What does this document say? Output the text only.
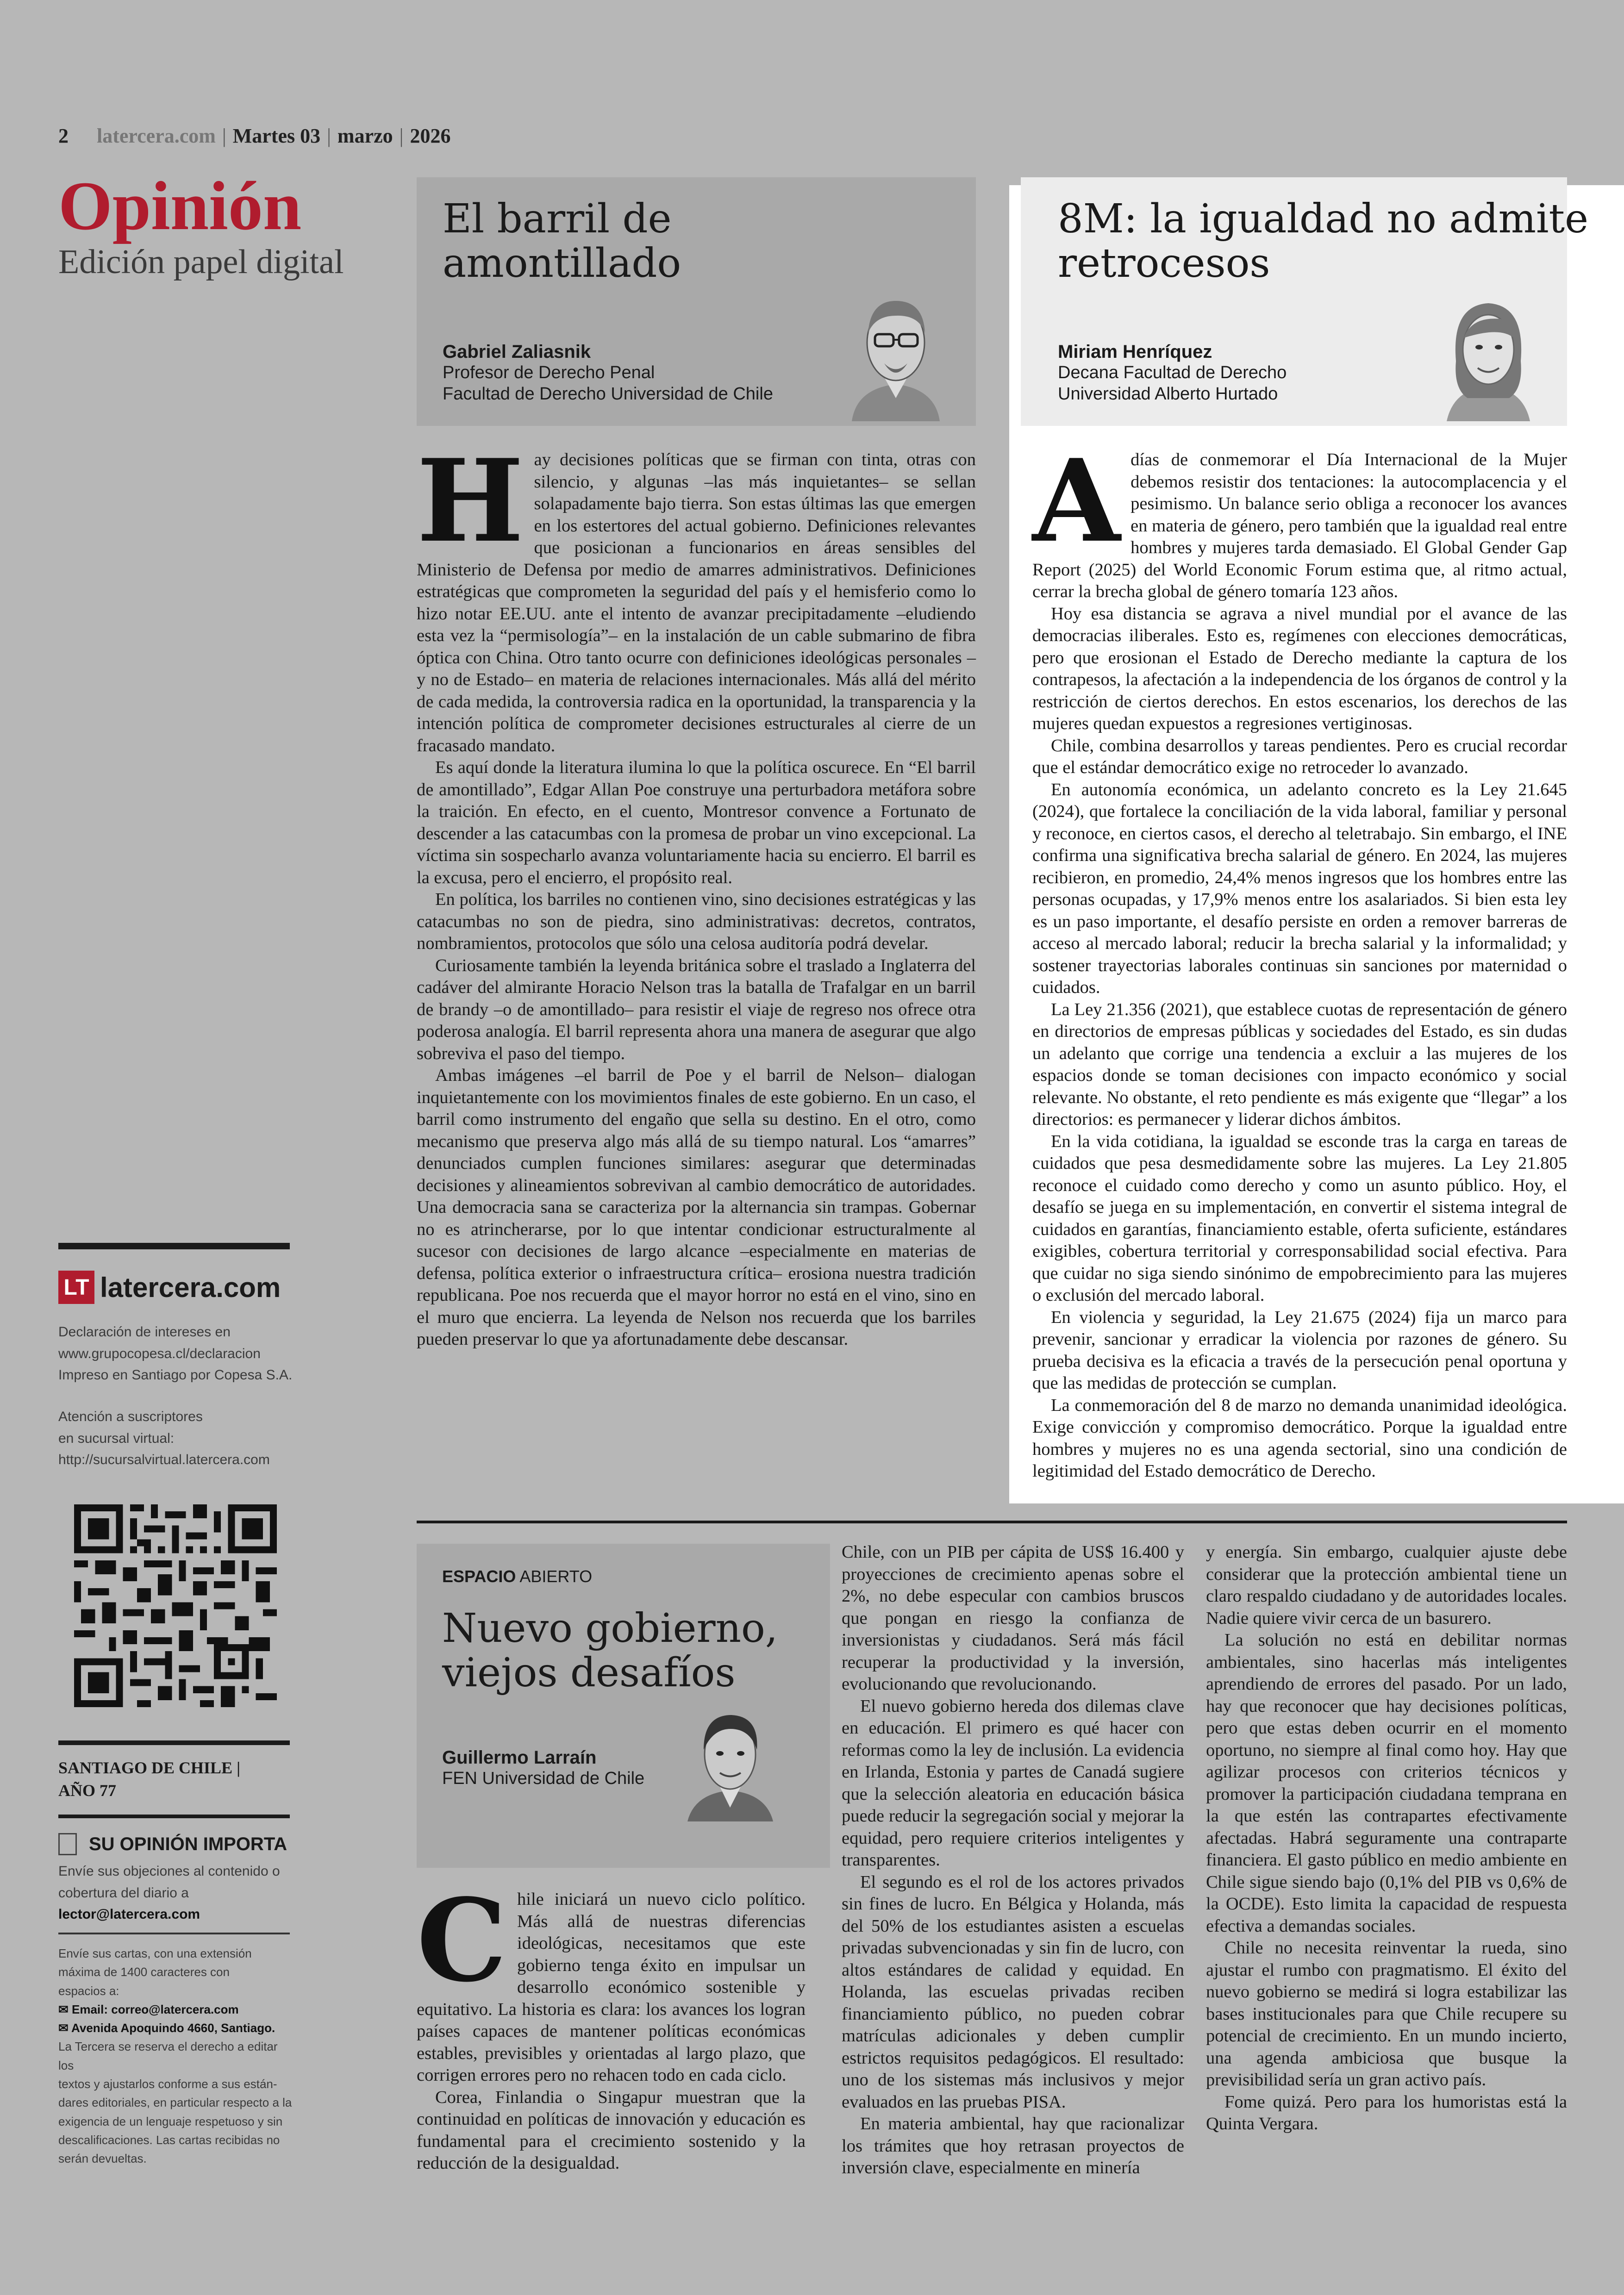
2 latercera.com | Martes 03 | marzo | 2026
Opinión
Edición papel digital
LT latercera.com
Declaración de intereses en
www.grupocopesa.cl/declaracion
Impreso en Santiago por Copesa S.A.
Atención a suscriptores
en sucursal virtual:
http://sucursalvirtual.latercera.com
SANTIAGO DE CHILE |
AÑO 77
SU OPINIÓN IMPORTA
Envíe sus objeciones al contenido o
cobertura del diario a
lector@latercera.com
Envíe sus cartas, con una extensión
máxima de 1400 caracteres con
espacios a:
✉ Email: correo@latercera.com
✉ Avenida Apoquindo 4660, Santiago.
La Tercera se reserva el derecho a editar los
textos y ajustarlos conforme a sus están-
dares editoriales, en particular respecto a la
exigencia de un lenguaje respetuoso y sin
descalificaciones. Las cartas recibidas no
serán devueltas.
El barril de
amontillado
Gabriel Zaliasnik
Profesor de Derecho Penal
Facultad de Derecho Universidad de Chile
H ay decisiones políticas que se firman con tinta, otras con silencio, y algunas –las más inquietantes– se sellan solapadamente bajo tierra. Son estas últimas las que emergen en los estertores del actual gobierno. Definiciones relevantes que posicionan a funcionarios en áreas sensibles del Ministerio de Defensa por medio de amarres administrativos. Definiciones estratégicas que comprometen la seguridad del país y el hemisferio como lo hizo notar EE.UU. ante el intento de avanzar precipitadamente –eludiendo esta vez la “permisología”– en la instalación de un cable submarino de fibra óptica con China. Otro tanto ocurre con definiciones ideológicas personales –y no de Estado– en materia de relaciones internacionales. Más allá del mérito de cada medida, la controversia radica en la oportunidad, la transparencia y la intención política de comprometer decisiones estructurales al cierre de un fracasado mandato.

Es aquí donde la literatura ilumina lo que la política oscurece. En “El barril de amontillado”, Edgar Allan Poe construye una perturbadora metáfora sobre la traición. En efecto, en el cuento, Montresor convence a Fortunato de descender a las catacumbas con la promesa de probar un vino excepcional. La víctima sin sospecharlo avanza voluntariamente hacia su encierro. El barril es la excusa, pero el encierro, el propósito real.

En política, los barriles no contienen vino, sino decisiones estratégicas y las catacumbas no son de piedra, sino administrativas: decretos, contratos, nombramientos, protocolos que sólo una celosa auditoría podrá develar.

Curiosamente también la leyenda británica sobre el traslado a Inglaterra del cadáver del almirante Horacio Nelson tras la batalla de Trafalgar en un barril de brandy –o de amontillado– para resistir el viaje de regreso nos ofrece otra poderosa analogía. El barril representa ahora una manera de asegurar que algo sobreviva el paso del tiempo.

Ambas imágenes –el barril de Poe y el barril de Nelson– dialogan inquietantemente con los movimientos finales de este gobierno. En un caso, el barril como instrumento del engaño que sella su destino. En el otro, como mecanismo que preserva algo más allá de su tiempo natural. Los “amarres” denunciados cumplen funciones similares: asegurar que determinadas decisiones y alineamientos sobrevivan al cambio democrático de autoridades. Una democracia sana se caracteriza por la alternancia sin trampas. Gobernar no es atrincherarse, por lo que intentar condicionar estructuralmente al sucesor con decisiones de largo alcance –especialmente en materias de defensa, política exterior o infraestructura crítica– erosiona nuestra tradición republicana. Poe nos recuerda que el mayor horror no está en el vino, sino en el muro que encierra. La leyenda de Nelson nos recuerda que los barriles pueden preservar lo que ya afortunadamente debe descansar.

8M: la igualdad no admite
retrocesos
Miriam Henríquez
Decana Facultad de Derecho
Universidad Alberto Hurtado
A días de conmemorar el Día Internacional de la Mujer debemos resistir dos tentaciones: la autocomplacencia y el pesimismo. Un balance serio obliga a reconocer los avances en materia de género, pero también que la igualdad real entre hombres y mujeres tarda demasiado. El Global Gender Gap Report (2025) del World Economic Forum estima que, al ritmo actual, cerrar la brecha global de género tomaría 123 años.

Hoy esa distancia se agrava a nivel mundial por el avance de las democracias iliberales. Esto es, regímenes con elecciones democráticas, pero que erosionan el Estado de Derecho mediante la captura de los contrapesos, la afectación a la independencia de los órganos de control y la restricción de ciertos derechos. En estos escenarios, los derechos de las mujeres quedan expuestos a regresiones vertiginosas.

Chile, combina desarrollos y tareas pendientes. Pero es crucial recordar que el estándar democrático exige no retroceder lo avanzado.

En autonomía económica, un adelanto concreto es la Ley 21.645 (2024), que fortalece la conciliación de la vida laboral, familiar y personal y reconoce, en ciertos casos, el derecho al teletrabajo. Sin embargo, el INE confirma una significativa brecha salarial de género. En 2024, las mujeres recibieron, en promedio, 24,4% menos ingresos que los hombres entre las personas ocupadas, y 17,9% menos entre los asalariados. Si bien esta ley es un paso importante, el desafío persiste en orden a remover barreras de acceso al mercado laboral; reducir la brecha salarial y la informalidad; y sostener trayectorias laborales continuas sin sanciones por maternidad o cuidados.

La Ley 21.356 (2021), que establece cuotas de representación de género en directorios de empresas públicas y sociedades del Estado, es sin dudas un adelanto que corrige una tendencia a excluir a las mujeres de los espacios donde se toman decisiones con impacto económico y social relevante. No obstante, el reto pendiente es más exigente que “llegar” a los directorios: es permanecer y liderar dichos ámbitos.

En la vida cotidiana, la igualdad se esconde tras la carga en tareas de cuidados que pesa desmedidamente sobre las mujeres. La Ley 21.805 reconoce el cuidado como derecho y como un asunto público. Hoy, el desafío se juega en su implementación, en convertir el sistema integral de cuidados en garantías, financiamiento estable, oferta suficiente, estándares exigibles, cobertura territorial y corresponsabilidad social efectiva. Para que cuidar no siga siendo sinónimo de empobrecimiento para las mujeres o exclusión del mercado laboral.

En violencia y seguridad, la Ley 21.675 (2024) fija un marco para prevenir, sancionar y erradicar la violencia por razones de género. Su prueba decisiva es la eficacia a través de la persecución penal oportuna y que las medidas de protección se cumplan.

La conmemoración del 8 de marzo no demanda unanimidad ideológica. Exige convicción y compromiso democrático. Porque la igualdad entre hombres y mujeres no es una agenda sectorial, sino una condición de legitimidad del Estado democrático de Derecho.

ESPACIO ABIERTO
Nuevo gobierno,
viejos desafíos
Guillermo Larraín
FEN Universidad de Chile
C hile iniciará un nuevo ciclo político. Más allá de nuestras diferencias ideológicas, necesitamos que este gobierno tenga éxito en impulsar un desarrollo económico sostenible y equitativo. La historia es clara: los avances los logran países capaces de mantener políticas económicas estables, previsibles y orientadas al largo plazo, que corrigen errores pero no rehacen todo en cada ciclo.

Corea, Finlandia o Singapur muestran que la continuidad en políticas de innovación y educación es fundamental para el crecimiento sostenido y la reducción de la desigualdad.

Chile, con un PIB per cápita de US$ 16.400 y proyecciones de crecimiento apenas sobre el 2%, no debe especular con cambios bruscos que pongan en riesgo la confianza de inversionistas y ciudadanos. Será más fácil recuperar la productividad y la inversión, evolucionando que revolucionando.

El nuevo gobierno hereda dos dilemas clave en educación. El primero es qué hacer con reformas como la ley de inclusión. La evidencia en Irlanda, Estonia y partes de Canadá sugiere que la selección aleatoria en educación básica puede reducir la segregación social y mejorar la equidad, pero requiere criterios inteligentes y transparentes.

El segundo es el rol de los actores privados sin fines de lucro. En Bélgica y Holanda, más del 50% de los estudiantes asisten a escuelas privadas subvencionadas y sin fin de lucro, con altos estándares de calidad y equidad. En Holanda, las escuelas privadas reciben financiamiento público, no pueden cobrar matrículas adicionales y deben cumplir estrictos requisitos pedagógicos. El resultado: uno de los sistemas más inclusivos y mejor evaluados en las pruebas PISA.

En materia ambiental, hay que racionalizar los trámites que hoy retrasan proyectos de inversión clave, especialmente en minería

y energía. Sin embargo, cualquier ajuste debe considerar que la protección ambiental tiene un claro respaldo ciudadano y de autoridades locales. Nadie quiere vivir cerca de un basurero.

La solución no está en debilitar normas ambientales, sino hacerlas más inteligentes aprendiendo de errores del pasado. Por un lado, hay que reconocer que hay decisiones políticas, pero que estas deben ocurrir en el momento oportuno, no siempre al final como hoy. Hay que agilizar procesos con criterios técnicos y promover la participación ciudadana temprana en la que estén las contrapartes efectivamente afectadas. Habrá seguramente una contraparte financiera. El gasto público en medio ambiente en Chile sigue siendo bajo (0,1% del PIB vs 0,6% de la OCDE). Esto limita la capacidad de respuesta efectiva a demandas sociales.

Chile no necesita reinventar la rueda, sino ajustar el rumbo con pragmatismo. El éxito del nuevo gobierno se medirá si logra estabilizar las bases institucionales para que Chile recupere su potencial de crecimiento. En un mundo incierto, una agenda ambiciosa que busque la previsibilidad sería un gran activo país.

Fome quizá. Pero para los humoristas está la Quinta Vergara.
